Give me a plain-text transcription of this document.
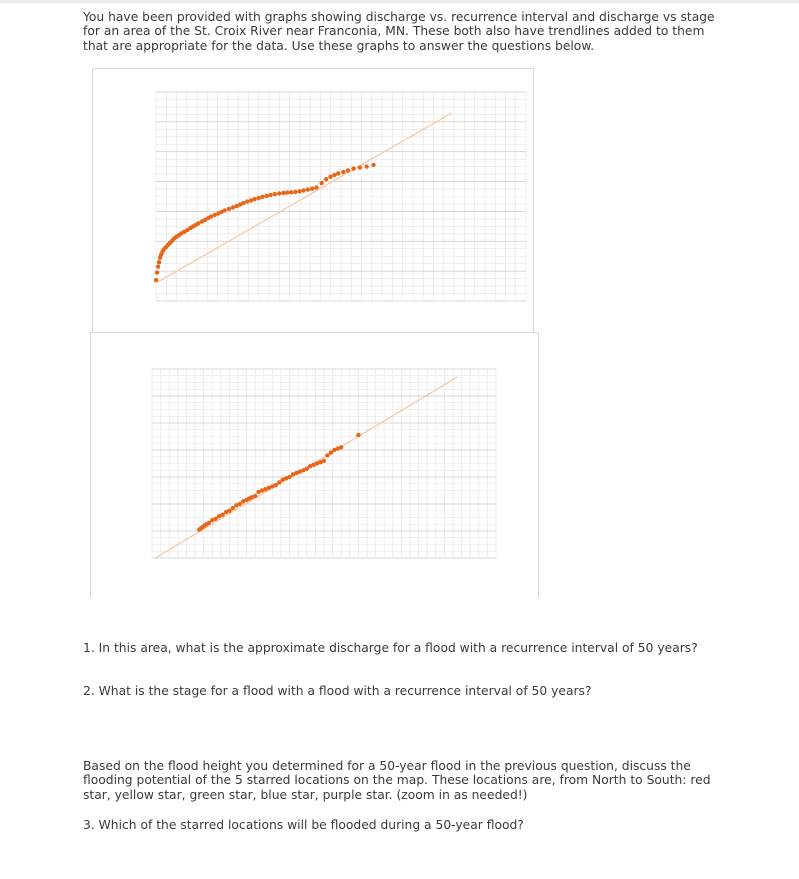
You have been provided with graphs showing discharge vs. recurrence interval and discharge vs stage for an area of the St. Croix River near Franconia, MN. These both also have trendlines added to them that are appropriate for the data. Use these graphs to answer the questions below.
1. In this area, what is the approximate discharge for a flood with a recurrence interval of 50 years?
2. What is the stage for a flood with a flood with a recurrence interval of 50 years?
Based on the flood height you determined for a 50-year flood in the previous question, discuss the flooding potential of the 5 starred locations on the map. These locations are, from North to South: red star, yellow star, green star, blue star, purple star. (zoom in as needed!)
3. Which of the starred locations will be flooded during a 50-year flood?
